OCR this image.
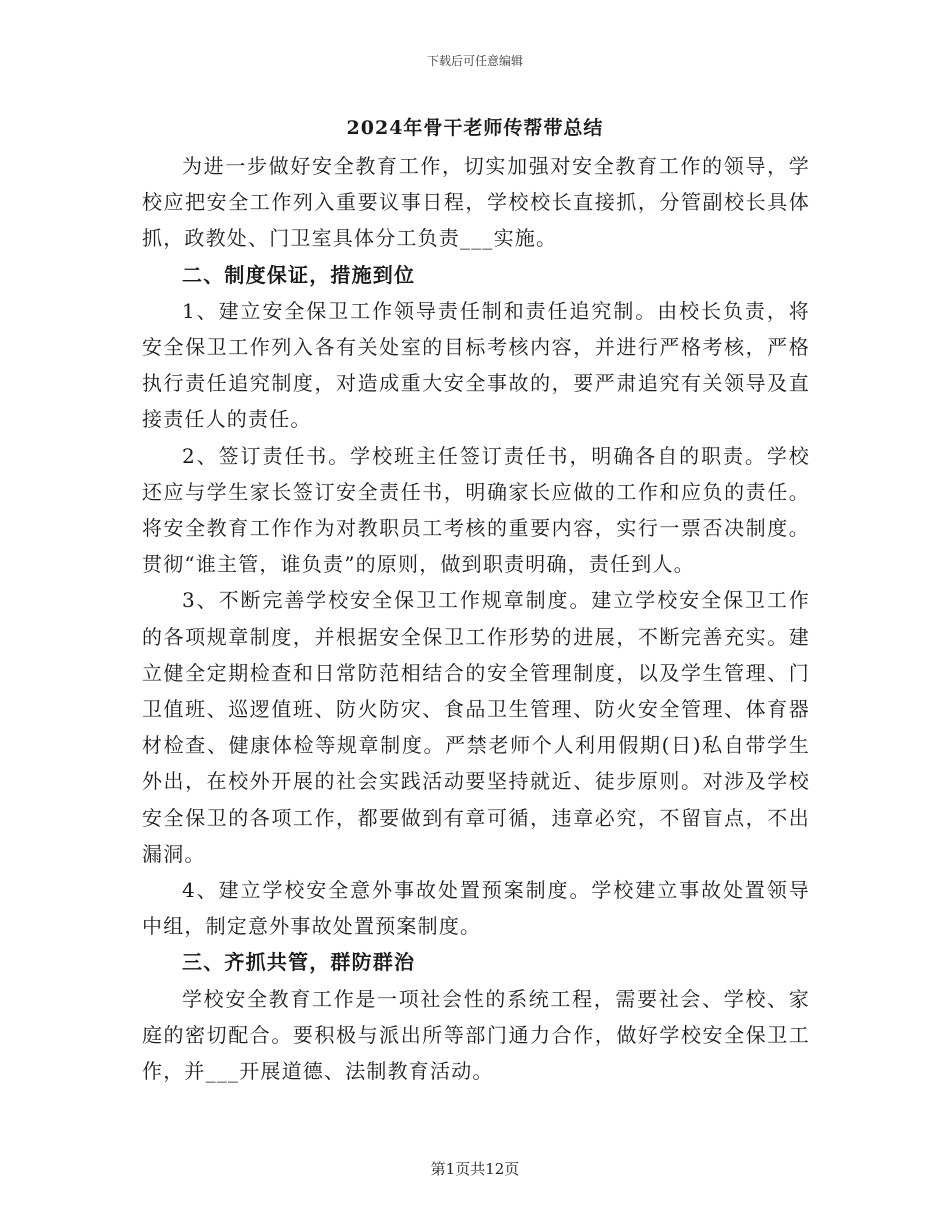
下载后可任意编辑
2024年骨干老师传帮带总结

为进一步做好安全教育工作，切实加强对安全教育工作的领导，学校应把安全工作列入重要议事日程，学校校长直接抓，分管副校长具体抓，政教处、门卫室具体分工负责___实施。

二、制度保证，措施到位

1、建立安全保卫工作领导责任制和责任追究制。由校长负责，将安全保卫工作列入各有关处室的目标考核内容，并进行严格考核，严格执行责任追究制度，对造成重大安全事故的，要严肃追究有关领导及直接责任人的责任。

2、签订责任书。学校班主任签订责任书，明确各自的职责。学校还应与学生家长签订安全责任书，明确家长应做的工作和应负的责任。将安全教育工作作为对教职员工考核的重要内容，实行一票否决制度。贯彻“谁主管，谁负责”的原则，做到职责明确，责任到人。

3、不断完善学校安全保卫工作规章制度。建立学校安全保卫工作的各项规章制度，并根据安全保卫工作形势的进展，不断完善充实。建立健全定期检查和日常防范相结合的安全管理制度，以及学生管理、门卫值班、巡逻值班、防火防灾、食品卫生管理、防火安全管理、体育器材检查、健康体检等规章制度。严禁老师个人利用假期(日)私自带学生外出，在校外开展的社会实践活动要坚持就近、徒步原则。对涉及学校安全保卫的各项工作，都要做到有章可循，违章必究，不留盲点，不出漏洞。

4、建立学校安全意外事故处置预案制度。学校建立事故处置领导中组，制定意外事故处置预案制度。

三、齐抓共管，群防群治

学校安全教育工作是一项社会性的系统工程，需要社会、学校、家庭的密切配合。要积极与派出所等部门通力合作，做好学校安全保卫工作，并___开展道德、法制教育活动。

第1页共12页
